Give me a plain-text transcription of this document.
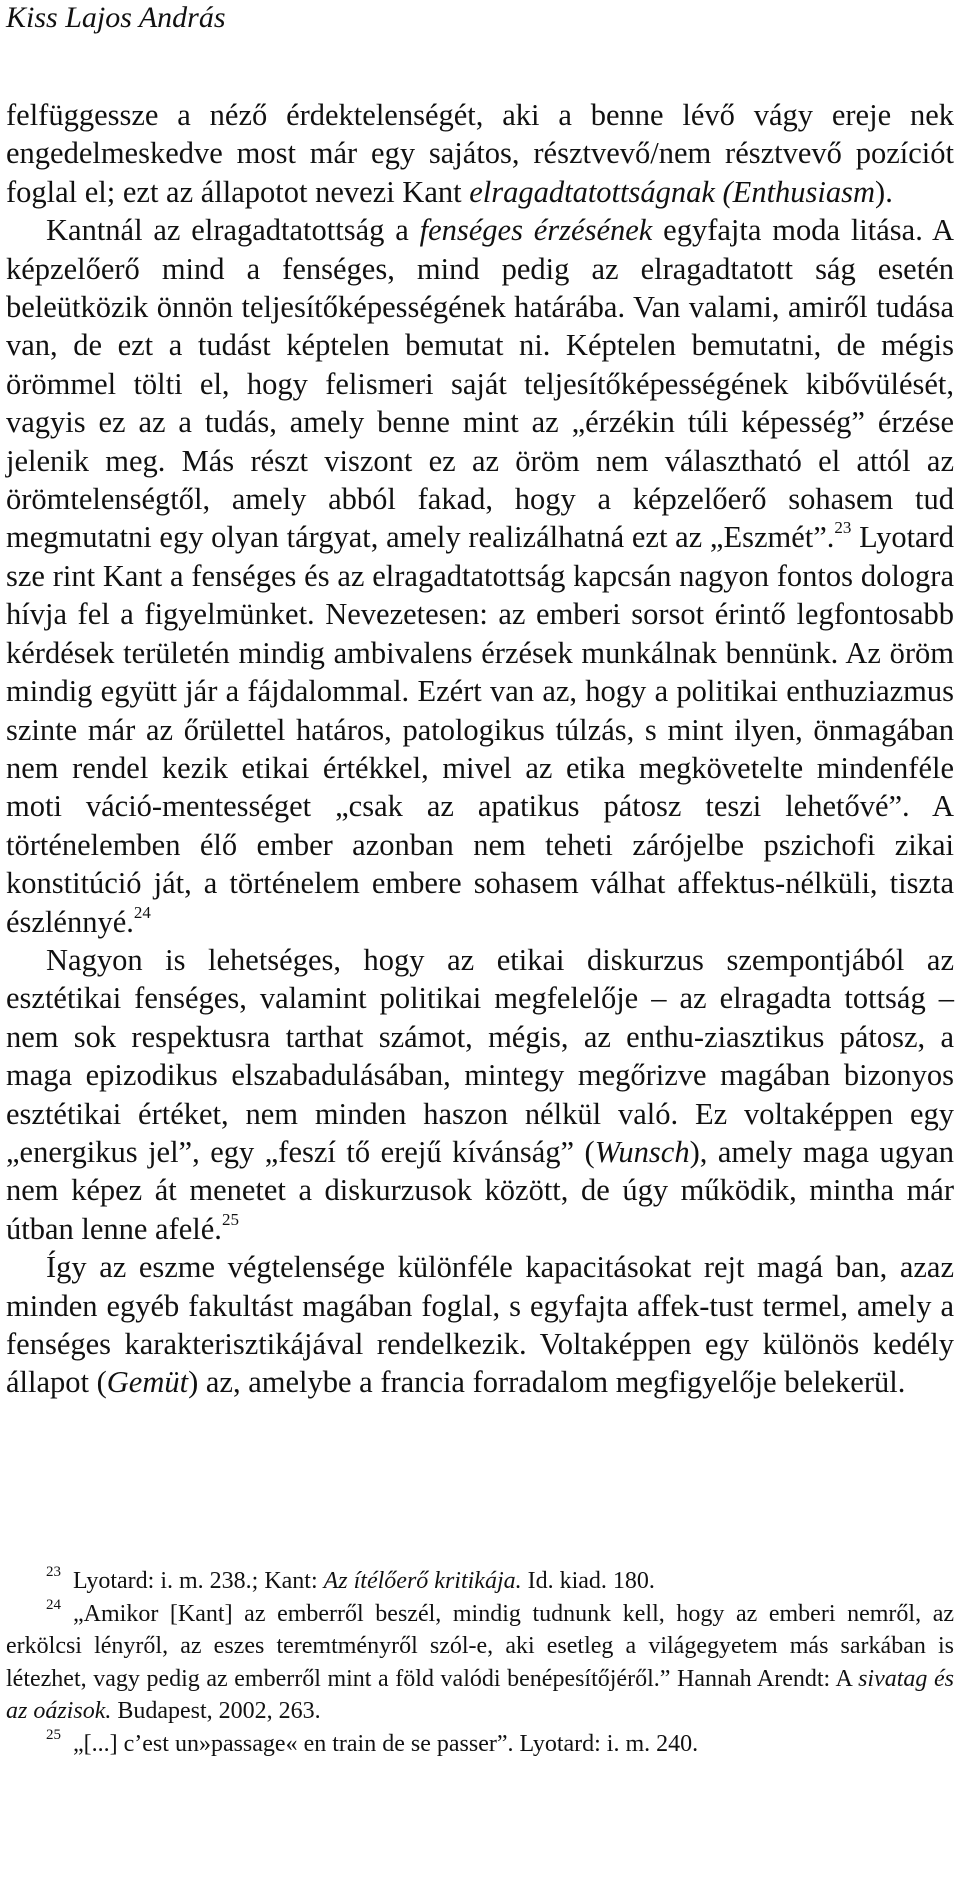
Kiss Lajos András

felfüggessze a néző érdektelenségét, aki a benne lévő vágy ereje nek engedelmeskedve most már egy sajátos, résztvevő/nem résztvevő pozíciót foglal el; ezt az állapotot nevezi Kant elragadtatottságnak (Enthusiasm).

Kantnál az elragadtatottság a fenséges érzésének egyfajta moda litása. A képzelőerő mind a fenséges, mind pedig az elragadtatott ság esetén beleütközik önnön teljesítőképességének határába. Van valami, amiről tudása van, de ezt a tudást képtelen bemutat ni. Képtelen bemutatni, de mégis örömmel tölti el, hogy felismeri saját teljesítőképességének kibővülését, vagyis ez az a tudás, amely benne mint az „érzékin túli képesség” érzése jelenik meg. Más részt viszont ez az öröm nem választható el attól az örömtelenségtől, amely abból fakad, hogy a képzelőerő sohasem tud megmutatni egy olyan tárgyat, amely realizálhatná ezt az „Eszmét”.$^{23}$ Lyotard sze rint Kant a fenséges és az elragadtatottság kapcsán nagyon fontos dologra hívja fel a figyelmünket. Nevezetesen: az emberi sorsot érintő legfontosabb kérdések területén mindig ambivalens érzések munkálnak bennünk. Az öröm mindig együtt jár a fájdalommal. Ezért van az, hogy a politikai enthuziazmus szinte már az őrülettel határos, patologikus túlzás, s mint ilyen, önmagában nem rendel kezik etikai értékkel, mivel az etika megkövetelte mindenféle moti váció-mentességet „csak az apatikus pátosz teszi lehetővé”. A történelemben élő ember azonban nem teheti zárójelbe pszichofi zikai konstitúció ját, a történelem embere sohasem válhat affektus-nélküli, tiszta észlénnyé.$^{24}$

Nagyon is lehetséges, hogy az etikai diskurzus szempontjából az esztétikai fenséges, valamint politikai megfelelője – az elragadta tottság – nem sok respektusra tarthat számot, mégis, az enthu-ziasztikus pátosz, a maga epizodikus elszabadulásában, mintegy megőrizve magában bizonyos esztétikai értéket, nem minden haszon nélkül való. Ez voltaképpen egy „energikus jel”, egy „feszí tő erejű kívánság” (Wunsch), amely maga ugyan nem képez át menetet a diskurzusok között, de úgy működik, mintha már útban lenne afelé.$^{25}$

Így az eszme végtelensége különféle kapacitásokat rejt magá ban, azaz minden egyéb fakultást magában foglal, s egyfajta affek-tust termel, amely a fenséges karakterisztikájával rendelkezik. Voltaképpen egy különös kedély állapot (Gemüt) az, amelybe a francia forradalom megfigyelője belekerül.

$^{23}$ Lyotard: i. m. 238.; Kant: Az ítélőerő kritikája. Id. kiad. 180.

$^{24}$ „Amikor [Kant] az emberről beszél, mindig tudnunk kell, hogy az emberi nemről, az erkölcsi lényről, az eszes teremtményről szól-e, aki esetleg a világegyetem más sarkában is létezhet, vagy pedig az emberről mint a föld valódi benépesítőjéről.” Hannah Arendt: A sivatag és az oázisok. Budapest, 2002, 263.

$^{25}$ „[...] c’est un»passage« en train de se passer”. Lyotard: i. m. 240.
